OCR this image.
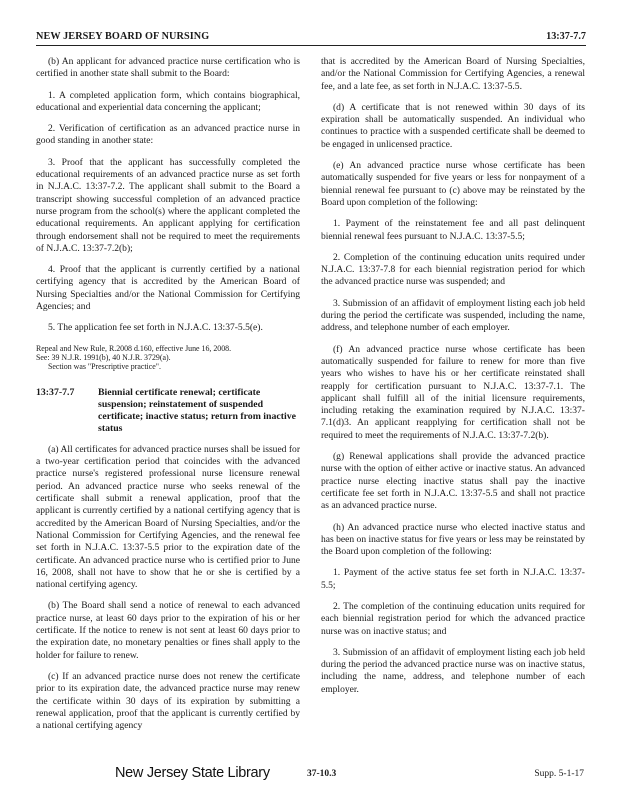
NEW JERSEY BOARD OF NURSING	13:37-7.7

(b) An applicant for advanced practice nurse certification who is certified in another state shall submit to the Board:

1. A completed application form, which contains biographical, educational and experiential data concerning the applicant;

2. Verification of certification as an advanced practice nurse in good standing in another state:

3. Proof that the applicant has successfully completed the educational requirements of an advanced practice nurse as set forth in N.J.A.C. 13:37-7.2. The applicant shall submit to the Board a transcript showing successful completion of an advanced practice nurse program from the school(s) where the applicant completed the educational requirements. An applicant applying for certification through endorsement shall not be required to meet the requirements of N.J.A.C. 13:37-7.2(b);

4. Proof that the applicant is currently certified by a national certifying agency that is accredited by the American Board of Nursing Specialties and/or the National Commission for Certifying Agencies; and

5. The application fee set forth in N.J.A.C. 13:37-5.5(e).

Repeal and New Rule, R.2008 d.160, effective June 16, 2008.
See: 39 N.J.R. 1991(b), 40 N.J.R. 3729(a).

Section was "Prescriptive practice".
13:37-7.7	Biennial certificate renewal; certificate suspension; reinstatement of suspended certificate; inactive status; return from inactive status

(a) All certificates for advanced practice nurses shall be issued for a two-year certification period that coincides with the advanced practice nurse's registered professional nurse licensure renewal period. An advanced practice nurse who seeks renewal of the certificate shall submit a renewal application, proof that the applicant is currently certified by a national certifying agency that is accredited by the American Board of Nursing Specialties, and/or the National Commission for Certifying Agencies, and the renewal fee set forth in N.J.A.C. 13:37-5.5 prior to the expiration date of the certificate. An advanced practice nurse who is certified prior to June 16, 2008, shall not have to show that he or she is certified by a national certifying agency.

(b) The Board shall send a notice of renewal to each advanced practice nurse, at least 60 days prior to the expiration of his or her certificate. If the notice to renew is not sent at least 60 days prior to the expiration date, no monetary penalties or fines shall apply to the holder for failure to renew.

(c) If an advanced practice nurse does not renew the certificate prior to its expiration date, the advanced practice nurse may renew the certificate within 30 days of its expiration by submitting a renewal application, proof that the applicant is currently certified by a national certifying agency

that is accredited by the American Board of Nursing Specialties, and/or the National Commission for Certifying Agencies, a renewal fee, and a late fee, as set forth in N.J.A.C. 13:37-5.5.

(d) A certificate that is not renewed within 30 days of its expiration shall be automatically suspended. An individual who continues to practice with a suspended certificate shall be deemed to be engaged in unlicensed practice.

(e) An advanced practice nurse whose certificate has been automatically suspended for five years or less for nonpayment of a biennial renewal fee pursuant to (c) above may be reinstated by the Board upon completion of the following:

1. Payment of the reinstatement fee and all past delinquent biennial renewal fees pursuant to N.J.A.C. 13:37-5.5;

2. Completion of the continuing education units required under N.J.A.C. 13:37-7.8 for each biennial registration period for which the advanced practice nurse was suspended; and

3. Submission of an affidavit of employment listing each job held during the period the certificate was suspended, including the name, address, and telephone number of each employer.

(f) An advanced practice nurse whose certificate has been automatically suspended for failure to renew for more than five years who wishes to have his or her certificate reinstated shall reapply for certification pursuant to N.J.A.C. 13:37-7.1. The applicant shall fulfill all of the initial licensure requirements, including retaking the examination required by N.J.A.C. 13:37-7.1(d)3. An applicant reapplying for certification shall not be required to meet the requirements of N.J.A.C. 13:37-7.2(b).

(g) Renewal applications shall provide the advanced practice nurse with the option of either active or inactive status. An advanced practice nurse electing inactive status shall pay the inactive certificate fee set forth in N.J.A.C. 13:37-5.5 and shall not practice as an advanced practice nurse.

(h) An advanced practice nurse who elected inactive status and has been on inactive status for five years or less may be reinstated by the Board upon completion of the following:

1. Payment of the active status fee set forth in N.J.A.C. 13:37-5.5;

2. The completion of the continuing education units required for each biennial registration period for which the advanced practice nurse was on inactive status; and

3. Submission of an affidavit of employment listing each job held during the period the advanced practice nurse was on inactive status, including the name, address, and telephone number of each employer.

New Jersey State Library	37-10.3	Supp. 5-1-17
